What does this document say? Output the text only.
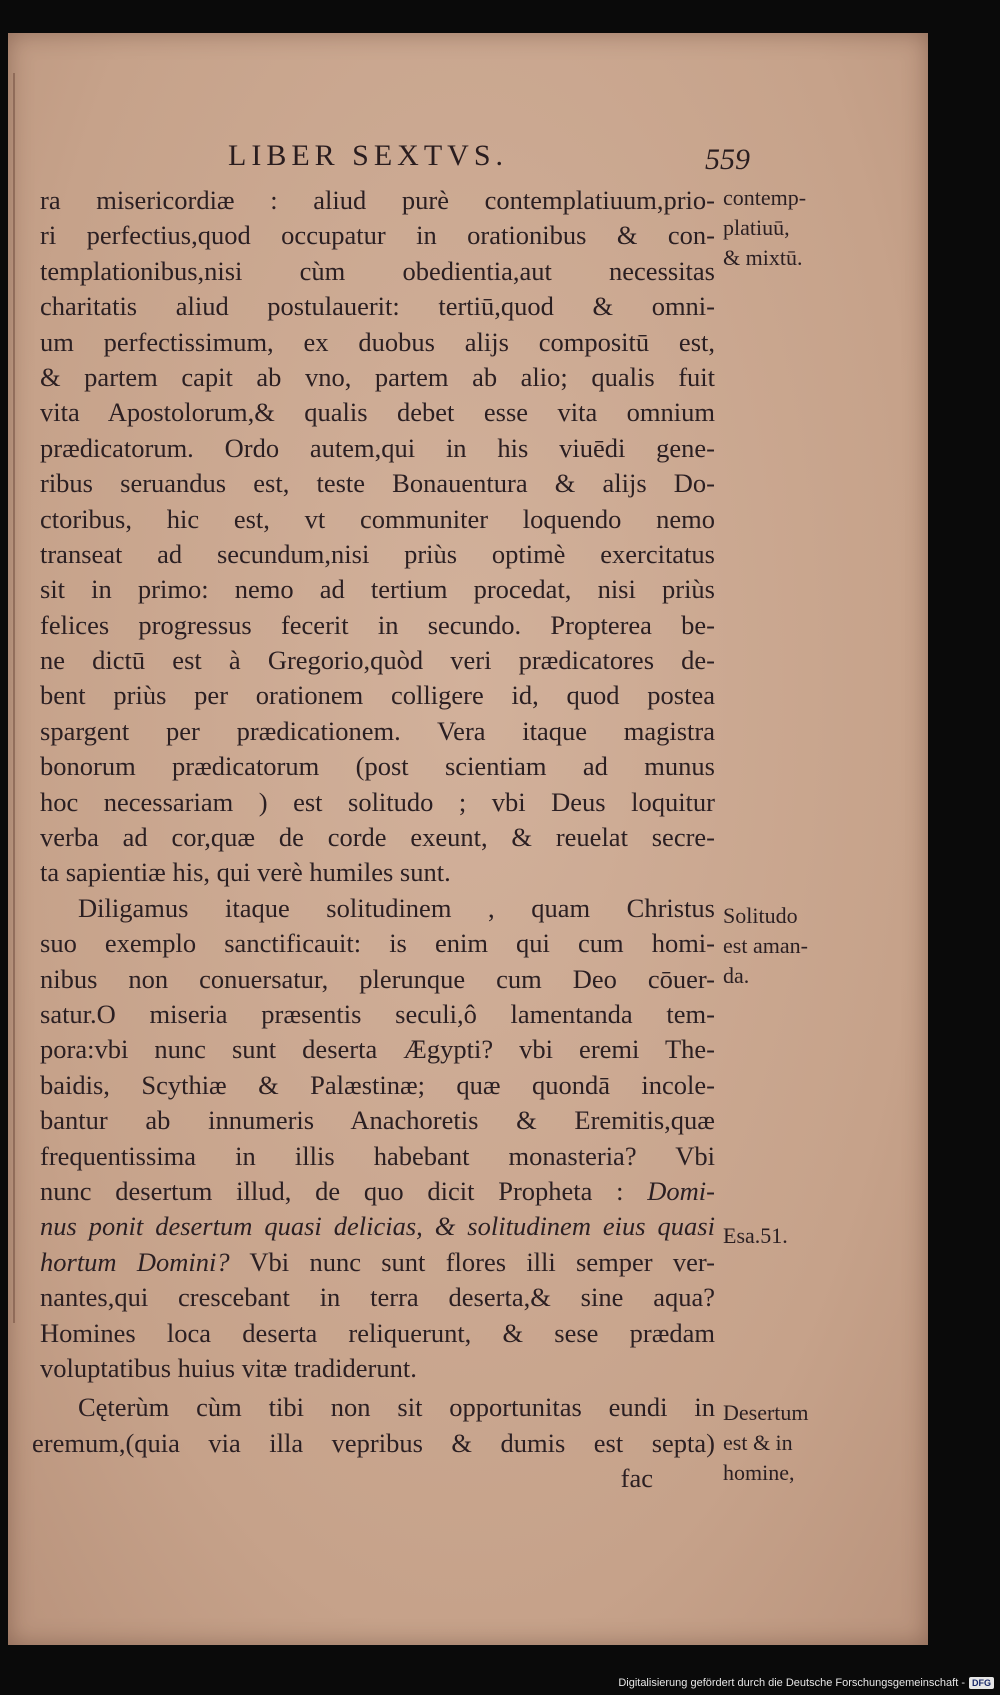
LIBER SEXTVS.	559
ra misericordiæ : aliud purè contemplatiuum,prio-
ri perfectius,quod occupatur in orationibus & con-
templationibus,nisi cùm obedientia,aut necessitas
charitatis aliud postulauerit: tertiū,quod & omni-
um perfectissimum, ex duobus alijs compositū est,
& partem capit ab vno, partem ab alio; qualis fuit
vita Apostolorum,& qualis debet esse vita omnium
prædicatorum. Ordo autem,qui in his viuēdi gene-
ribus seruandus est, teste Bonauentura & alijs Do-
ctoribus, hic est, vt communiter loquendo nemo
transeat ad secundum,nisi priùs optimè exercitatus
sit in primo: nemo ad tertium procedat, nisi priùs
felices progressus fecerit in secundo. Propterea be-
ne dictū est à Gregorio,quòd veri prædicatores de-
bent priùs per orationem colligere id, quod postea
spargent per prædicationem. Vera itaque magistra
bonorum prædicatorum (post scientiam ad munus
hoc necessariam ) est solitudo ; vbi Deus loquitur
verba ad cor,quæ de corde exeunt, & reuelat secre-
ta sapientiæ his, qui verè humiles sunt.
Diligamus itaque solitudinem , quam Christus
suo exemplo sanctificauit: is enim qui cum homi-
nibus non conuersatur, plerunque cum Deo cōuer-
satur.O miseria præsentis seculi,ô lamentanda tem-
pora:vbi nunc sunt deserta Ægypti? vbi eremi The-
baidis, Scythiæ & Palæstinæ; quæ quondā incole-
bantur ab innumeris Anachoretis & Eremitis,quæ
frequentissima in illis habebant monasteria? Vbi
nunc desertum illud, de quo dicit Propheta : Domi-
nus ponit desertum quasi delicias, & solitudinem eius quasi
hortum Domini? Vbi nunc sunt flores illi semper ver-
nantes,qui crescebant in terra deserta,& sine aqua?
Homines loca deserta reliquerunt, & sese prædam
voluptatibus huius vitæ tradiderunt.
Cęterùm cùm tibi non sit opportunitas eundi in
eremum,(quia via illa vepribus & dumis est septa)
fac
contemp-
platiuū,
& mixtū.
Solitudo
est aman-
da.
Esa.51.
Desertum
est & in
homine,
Digitalisierung gefördert durch die Deutsche Forschungsgemeinschaft - DFG
